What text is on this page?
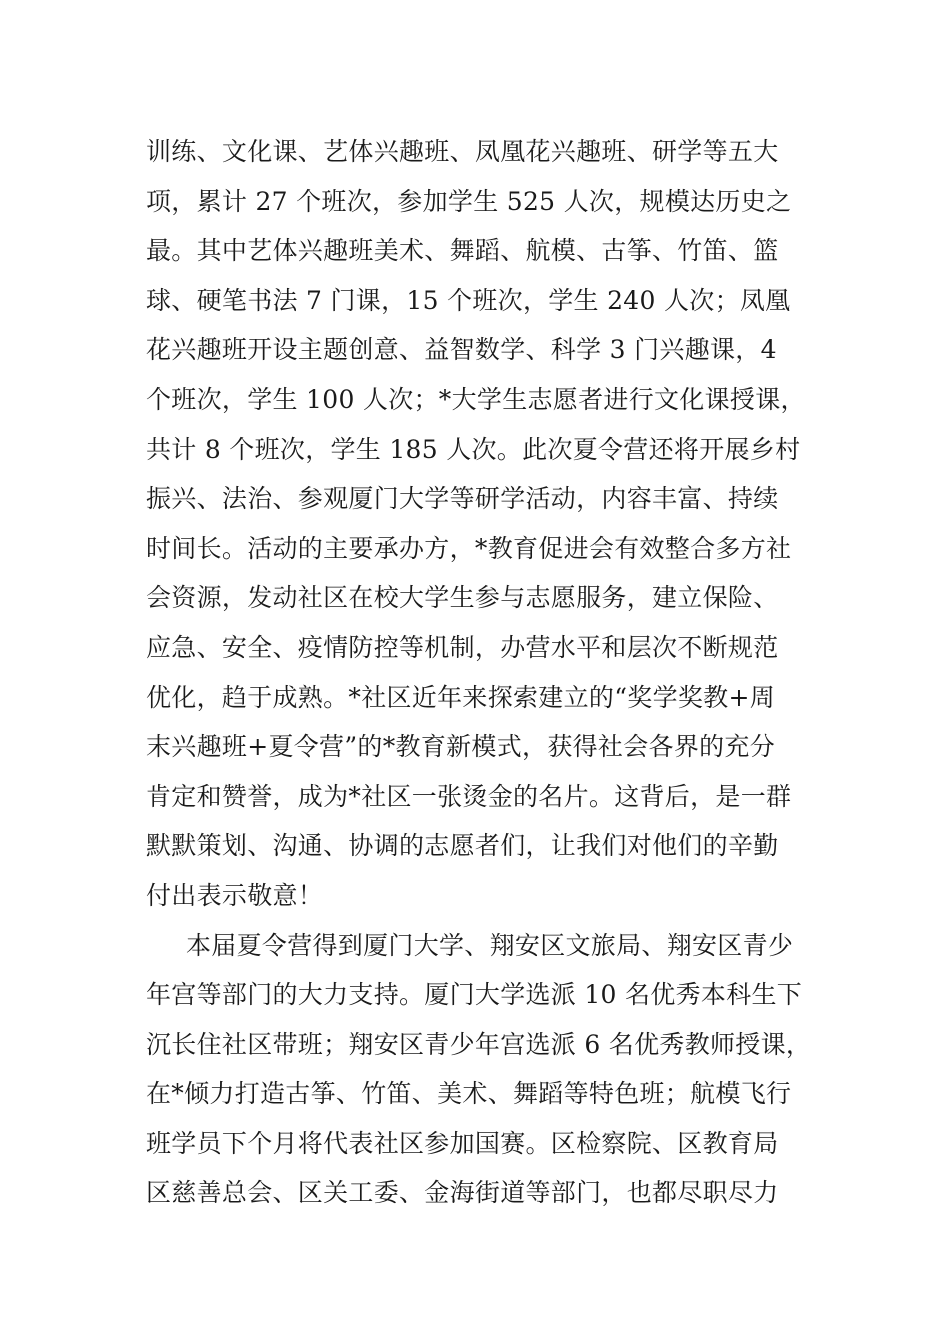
训练、文化课、艺体兴趣班、凤凰花兴趣班、研学等五大
项，累计 27 个班次，参加学生 525 人次，规模达历史之
最。其中艺体兴趣班美术、舞蹈、航模、古筝、竹笛、篮
球、硬笔书法 7 门课，15 个班次，学生 240 人次；凤凰
花兴趣班开设主题创意、益智数学、科学 3 门兴趣课，4
个班次，学生 100 人次；*大学生志愿者进行文化课授课，
共计 8 个班次，学生 185 人次。此次夏令营还将开展乡村
振兴、法治、参观厦门大学等研学活动，内容丰富、持续
时间长。活动的主要承办方，*教育促进会有效整合多方社
会资源，发动社区在校大学生参与志愿服务，建立保险、
应急、安全、疫情防控等机制，办营水平和层次不断规范
优化，趋于成熟。*社区近年来探索建立的“奖学奖教+周
末兴趣班+夏令营”的*教育新模式，获得社会各界的充分
肯定和赞誉，成为*社区一张烫金的名片。这背后，是一群
默默策划、沟通、协调的志愿者们，让我们对他们的辛勤
付出表示敬意！
本届夏令营得到厦门大学、翔安区文旅局、翔安区青少
年宫等部门的大力支持。厦门大学选派 10 名优秀本科生下
沉长住社区带班；翔安区青少年宫选派 6 名优秀教师授课，
在*倾力打造古筝、竹笛、美术、舞蹈等特色班；航模飞行
班学员下个月将代表社区参加国赛。区检察院、区教育局
区慈善总会、区关工委、金海街道等部门，也都尽职尽力
